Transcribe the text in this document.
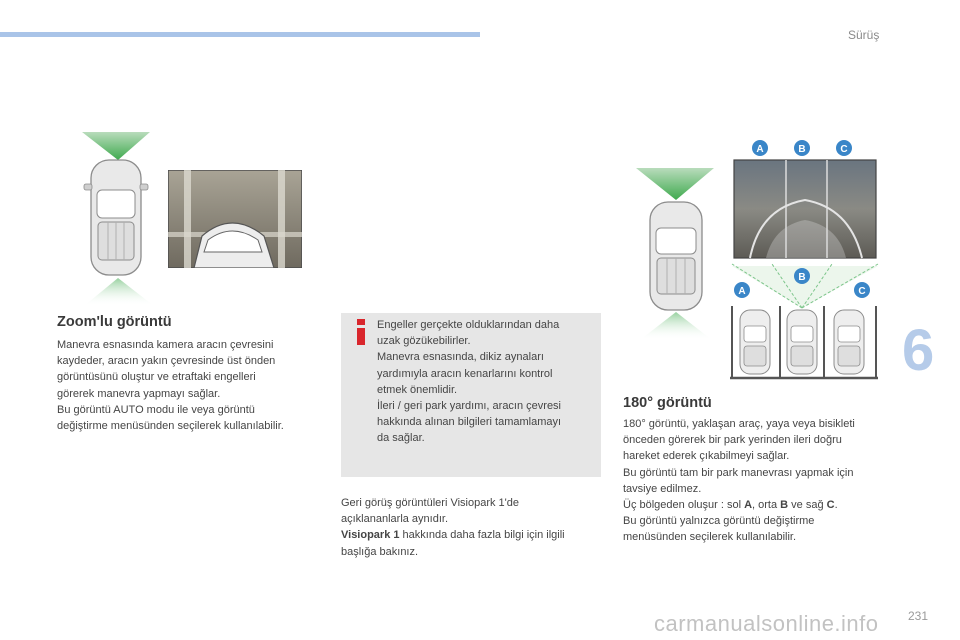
Sürüş
6
231
Zoom'lu görüntü

Manevra esnasında kamera aracın çevresini

kaydeder, aracın yakın çevresinde üst önden

görüntüsünü oluştur ve etraftaki engelleri

görerek manevra yapmayı sağlar.

Bu görüntü AUTO modu ile veya görüntü

değiştirme menüsünden seçilerek kullanılabilir.

Engeller gerçekte olduklarından daha

uzak gözükebilirler.

Manevra esnasında, dikiz aynaları

yardımıyla aracın kenarlarını kontrol

etmek önemlidir.

İleri / geri park yardımı, aracın çevresi

hakkında alınan bilgileri tamamlamayı

da sağlar.

Geri görüş görüntüleri Visiopark 1'de

açıklananlarla aynıdır.

Visiopark 1 hakkında daha fazla bilgi için ilgili

başlığa bakınız.

A	B	C
A
B
C
180° görüntü

180° görüntü, yaklaşan araç, yaya veya bisikleti

önceden görerek bir park yerinden ileri doğru

hareket ederek çıkabilmeyi sağlar.

Bu görüntü tam bir park manevrası yapmak için

tavsiye edilmez.

Üç bölgeden oluşur : sol A, orta B ve sağ C.

Bu görüntü yalnızca görüntü değiştirme

menüsünden seçilerek kullanılabilir.

carmanualsonline.info
